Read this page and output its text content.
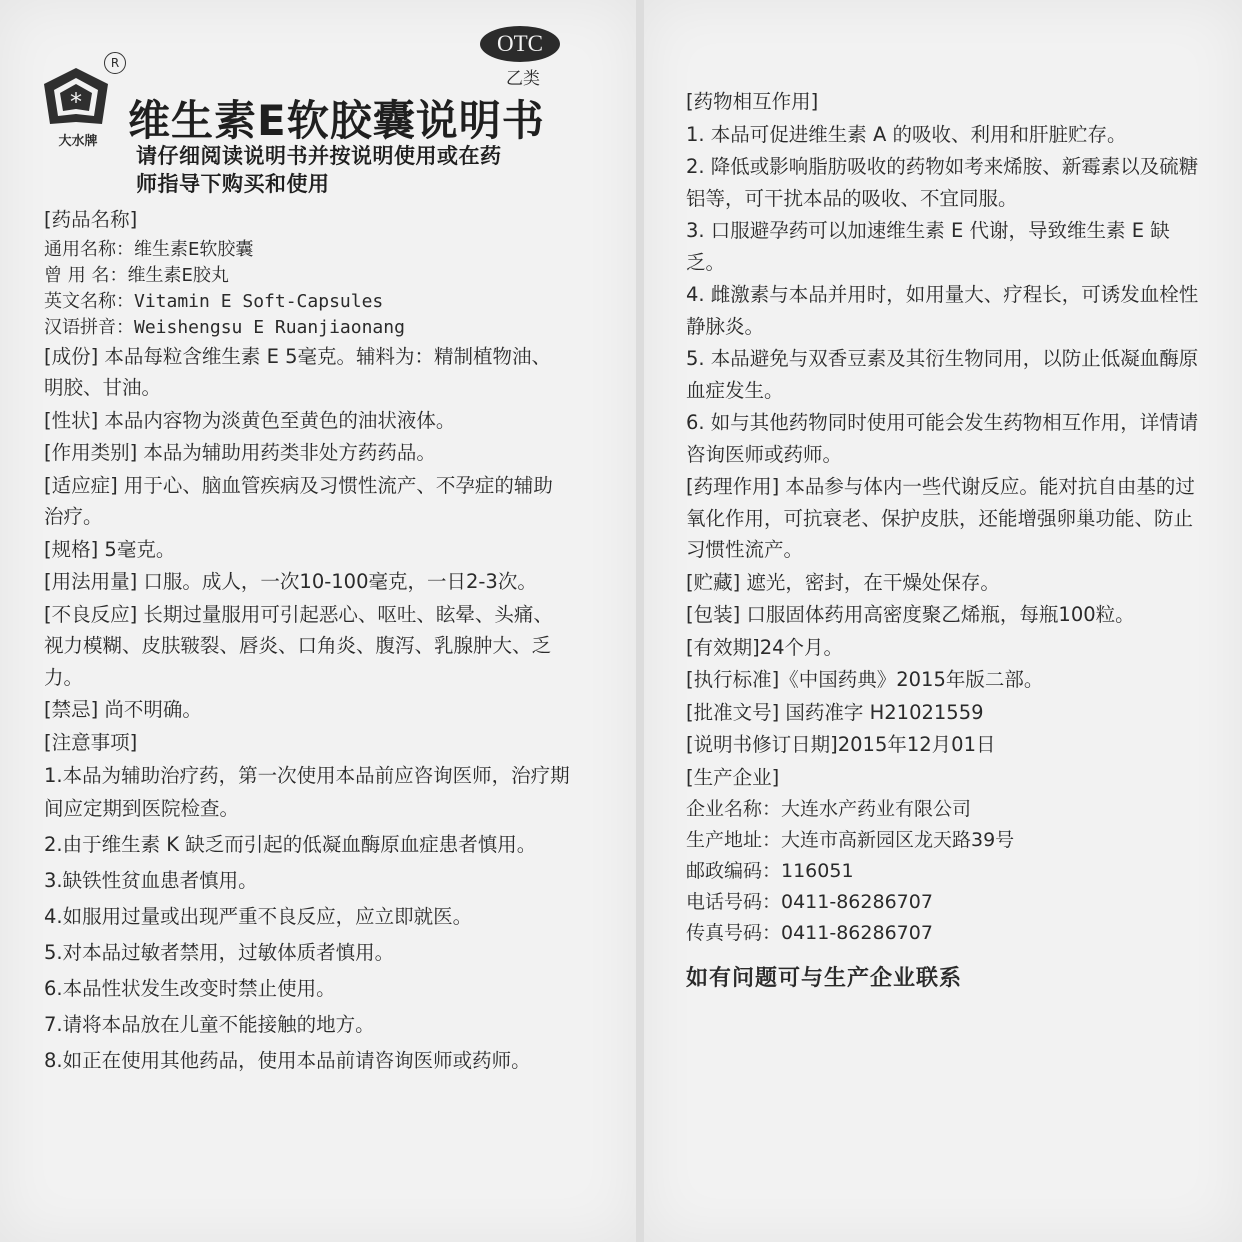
*
大水牌
R
OTC
乙类
维生素E软胶囊说明书
请仔细阅读说明书并按说明使用或在药师指导下购买和使用

[药品名称]

通用名称：维生素E软胶囊

曾 用 名：维生素E胶丸

英文名称：Vitamin E Soft-Capsules

汉语拼音：Weishengsu E Ruanjiaonang

[成份] 本品每粒含维生素 E 5毫克。辅料为：精制植物油、明胶、甘油。

[性状] 本品内容物为淡黄色至黄色的油状液体。

[作用类别] 本品为辅助用药类非处方药药品。

[适应症] 用于心、脑血管疾病及习惯性流产、不孕症的辅助治疗。

[规格] 5毫克。

[用法用量] 口服。成人，一次10-100毫克，一日2-3次。

[不良反应] 长期过量服用可引起恶心、呕吐、眩晕、头痛、视力模糊、皮肤皲裂、唇炎、口角炎、腹泻、乳腺肿大、乏力。

[禁忌] 尚不明确。

[注意事项]

1.本品为辅助治疗药，第一次使用本品前应咨询医师，治疗期间应定期到医院检查。

2.由于维生素 K 缺乏而引起的低凝血酶原血症患者慎用。

3.缺铁性贫血患者慎用。

4.如服用过量或出现严重不良反应，应立即就医。

5.对本品过敏者禁用，过敏体质者慎用。

6.本品性状发生改变时禁止使用。

7.请将本品放在儿童不能接触的地方。

8.如正在使用其他药品，使用本品前请咨询医师或药师。

[药物相互作用]

1. 本品可促进维生素 A 的吸收、利用和肝脏贮存。

2. 降低或影响脂肪吸收的药物如考来烯胺、新霉素以及硫糖铝等，可干扰本品的吸收、不宜同服。

3. 口服避孕药可以加速维生素 E 代谢，导致维生素 E 缺乏。

4. 雌激素与本品并用时，如用量大、疗程长，可诱发血栓性静脉炎。

5. 本品避免与双香豆素及其衍生物同用，以防止低凝血酶原血症发生。

6. 如与其他药物同时使用可能会发生药物相互作用，详情请咨询医师或药师。

[药理作用] 本品参与体内一些代谢反应。能对抗自由基的过氧化作用，可抗衰老、保护皮肤，还能增强卵巢功能、防止习惯性流产。

[贮藏] 遮光，密封，在干燥处保存。

[包装] 口服固体药用高密度聚乙烯瓶，每瓶100粒。

[有效期]24个月。

[执行标准]《中国药典》2015年版二部。

[批准文号] 国药准字 H21021559

[说明书修订日期]2015年12月01日

[生产企业]

企业名称：大连水产药业有限公司

生产地址：大连市高新园区龙天路39号

邮政编码：116051

电话号码：0411-86286707

传真号码：0411-86286707

如有问题可与生产企业联系
